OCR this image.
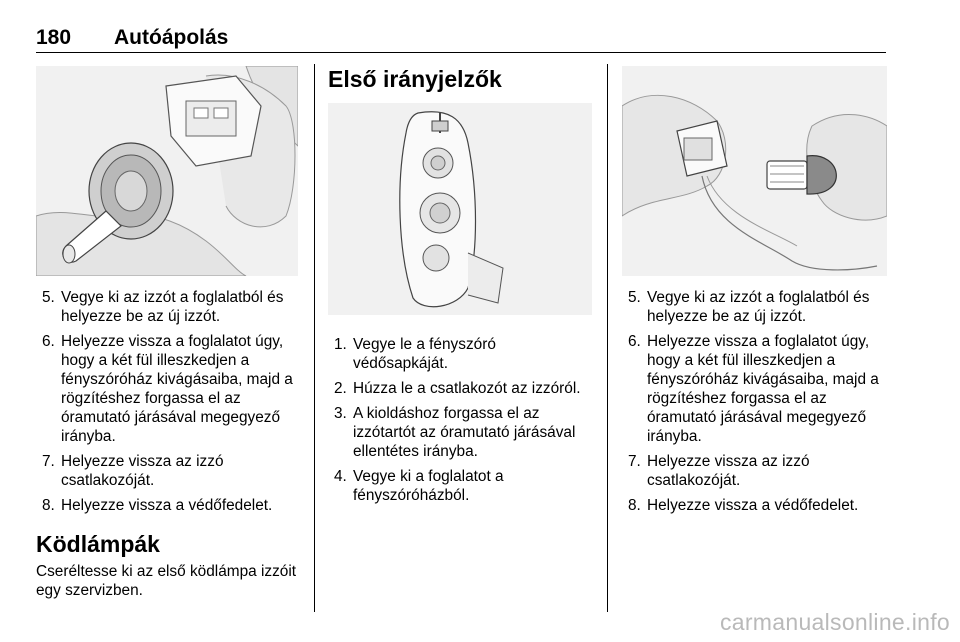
180 Autóápolás
5. Vegye ki az izzót a foglalatból és helyezze be az új izzót.
6. Helyezze vissza a foglalatot úgy, hogy a két fül illeszkedjen a fényszóróház kivágásaiba, majd a rögzítéshez forgassa el az óramutató járásával megegyező irányba.
7. Helyezze vissza az izzó csatlakozóját.
8. Helyezze vissza a védőfedelet.
Ködlámpák

Cseréltesse ki az első ködlámpa izzóit egy szervizben.

Első irányjelzők
1. Vegye le a fényszóró védősapkáját.
2. Húzza le a csatlakozót az izzóról.
3. A kioldáshoz forgassa el az izzótartót az óramutató járásával ellentétes irányba.
4. Vegye ki a foglalatot a fényszóróházból.
5. Vegye ki az izzót a foglalatból és helyezze be az új izzót.
6. Helyezze vissza a foglalatot úgy, hogy a két fül illeszkedjen a fényszóróház kivágásaiba, majd a rögzítéshez forgassa el az óramutató járásával megegyező irányba.
7. Helyezze vissza az izzó csatlakozóját.
8. Helyezze vissza a védőfedelet.
carmanualsonline.info
